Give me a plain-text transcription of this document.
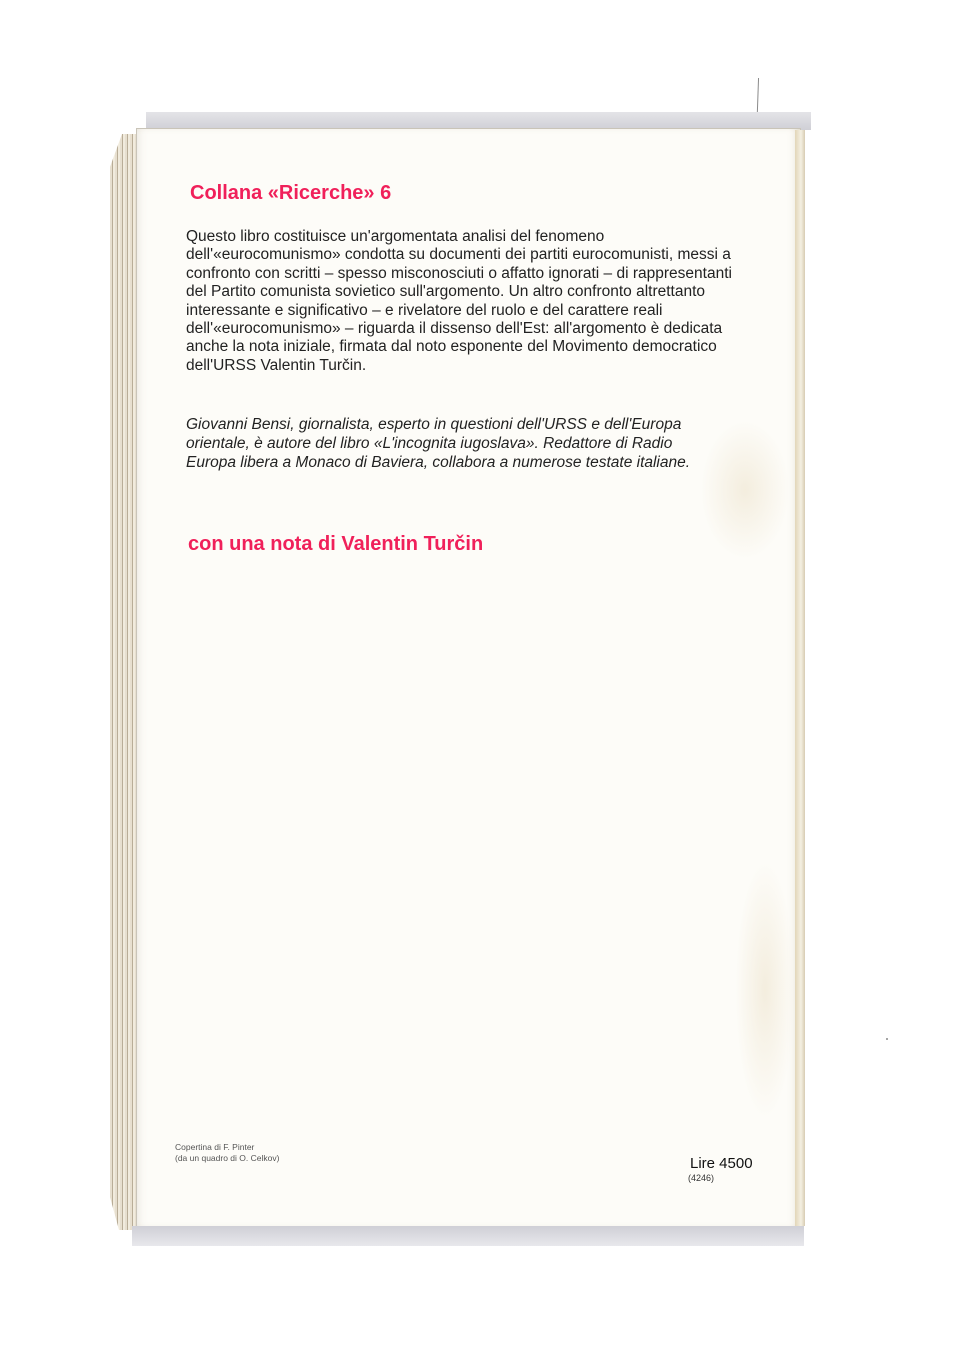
Collana «Ricerche» 6

Questo libro costituisce un'argomentata analisi del fenomeno dell'«eurocomunismo» condotta su documenti dei partiti eurocomunisti, messi a confronto con scritti – spesso misconosciuti o affatto ignorati – di rappresentanti del Partito comunista sovietico sull'argomento. Un altro confronto altrettanto interessante e significativo – e rivelatore del ruolo e del carattere reali dell'«eurocomunismo» – riguarda il dissenso dell'Est: all'argomento è dedicata anche la nota iniziale, firmata dal noto esponente del Movimento democratico dell'URSS Valentin Turčin.

Giovanni Bensi, giornalista, esperto in questioni dell'URSS e dell'Europa orientale, è autore del libro «L'incognita iugoslava». Redattore di Radio Europa libera a Monaco di Baviera, collabora a numerose testate italiane.

con una nota di Valentin Turčin
Copertina di F. Pinter
(da un quadro di O. Celkov)	Lire 4500
(4246)
